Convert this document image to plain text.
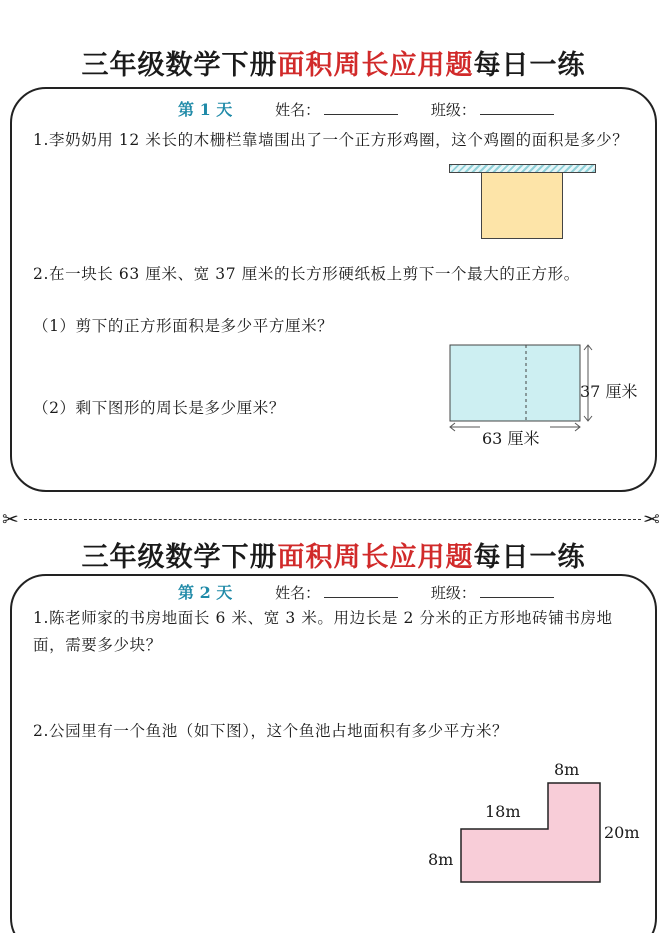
三年级数学下册面积周长应用题每日一练
第 1 天	姓名：	班级：
1.李奶奶用 12 米长的木栅栏靠墙围出了一个正方形鸡圈，这个鸡圈的面积是多少？
2.在一块长 63 厘米、宽 37 厘米的长方形硬纸板上剪下一个最大的正方形。
（1）剪下的正方形面积是多少平方厘米？
（2）剩下图形的周长是多少厘米？
37 厘米
63 厘米
✂	✂
三年级数学下册面积周长应用题每日一练
第 2 天	姓名：	班级：
1.陈老师家的书房地面长 6 米、宽 3 米。用边长是 2 分米的正方形地砖铺书房地面，需要多少块？
2.公园里有一个鱼池（如下图），这个鱼池占地面积有多少平方米？
8m
18m
20m
8m
